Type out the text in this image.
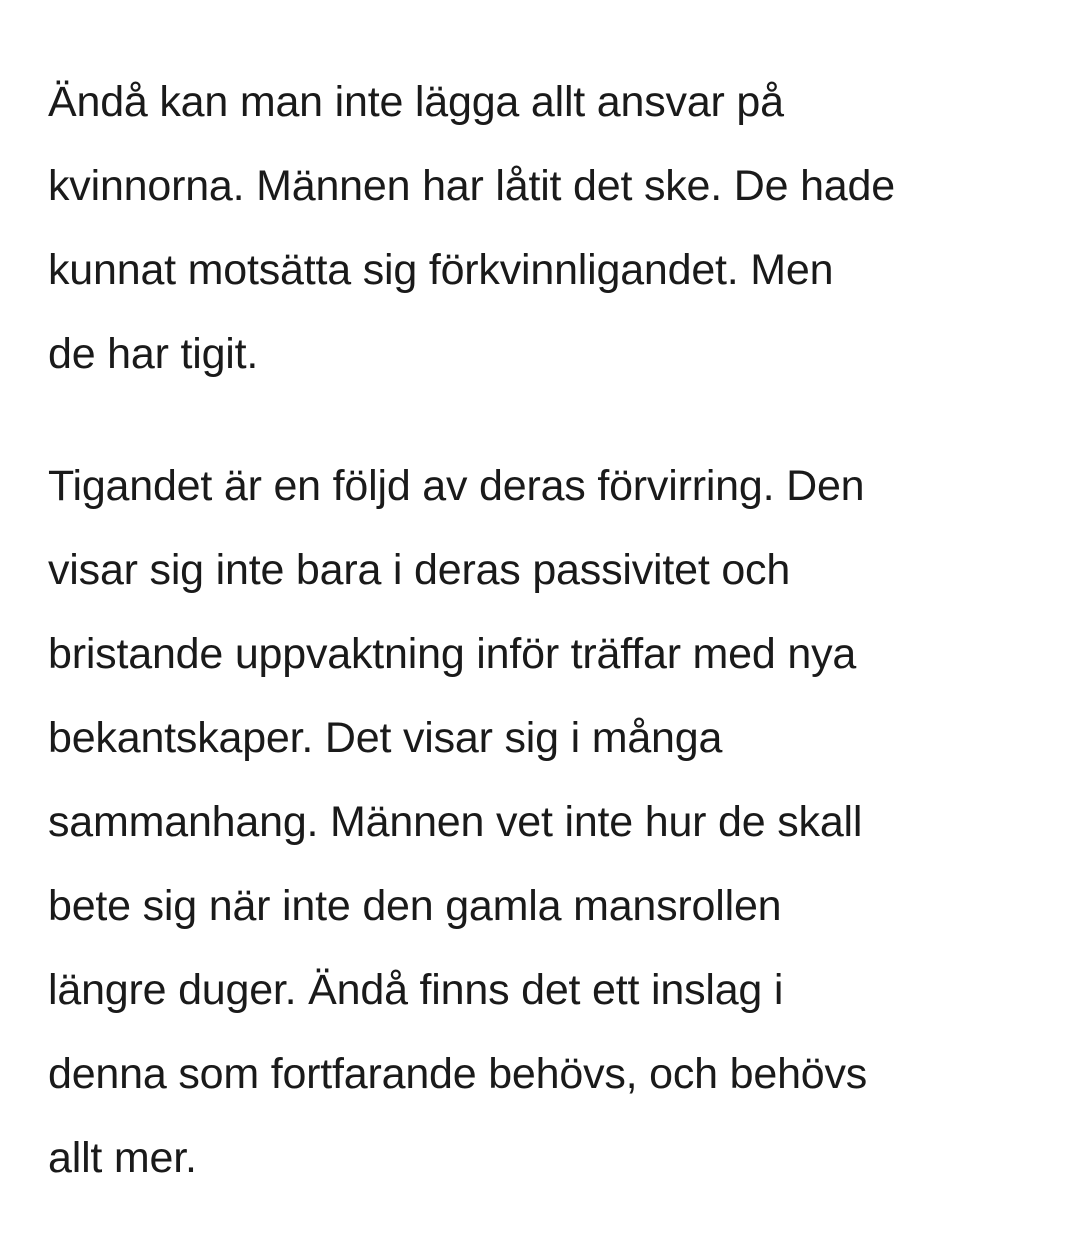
Ändå kan man inte lägga allt ansvar på
kvinnorna. Männen har låtit det ske. De hade
kunnat motsätta sig förkvinnligandet. Men
de har tigit.

Tigandet är en följd av deras förvirring. Den
visar sig inte bara i deras passivitet och
bristande uppvaktning inför träffar med nya
bekantskaper. Det visar sig i många
sammanhang. Männen vet inte hur de skall
bete sig när inte den gamla mansrollen
längre duger. Ändå finns det ett inslag i
denna som fortfarande behövs, och behövs
allt mer.
